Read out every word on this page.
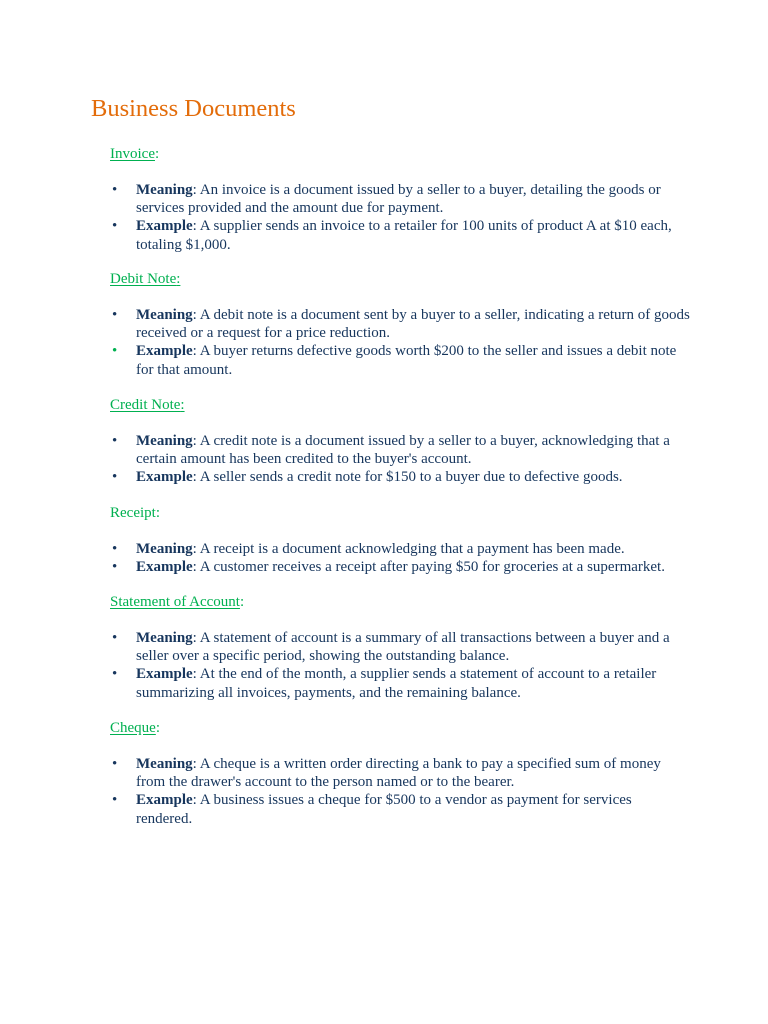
Business Documents

Invoice:

• Meaning: An invoice is a document issued by a seller to a buyer, detailing the goods or services provided and the amount due for payment.
• Example: A supplier sends an invoice to a retailer for 100 units of product A at $10 each, totaling $1,000.

Debit Note:

• Meaning: A debit note is a document sent by a buyer to a seller, indicating a return of goods received or a request for a price reduction.
• Example: A buyer returns defective goods worth $200 to the seller and issues a debit note for that amount.

Credit Note:

• Meaning: A credit note is a document issued by a seller to a buyer, acknowledging that a certain amount has been credited to the buyer's account.
• Example: A seller sends a credit note for $150 to a buyer due to defective goods.

Receipt:

• Meaning: A receipt is a document acknowledging that a payment has been made.
• Example: A customer receives a receipt after paying $50 for groceries at a supermarket.

Statement of Account:

• Meaning: A statement of account is a summary of all transactions between a buyer and a seller over a specific period, showing the outstanding balance.
• Example: At the end of the month, a supplier sends a statement of account to a retailer summarizing all invoices, payments, and the remaining balance.

Cheque:

• Meaning: A cheque is a written order directing a bank to pay a specified sum of money from the drawer's account to the person named or to the bearer.
• Example: A business issues a cheque for $500 to a vendor as payment for services rendered.
